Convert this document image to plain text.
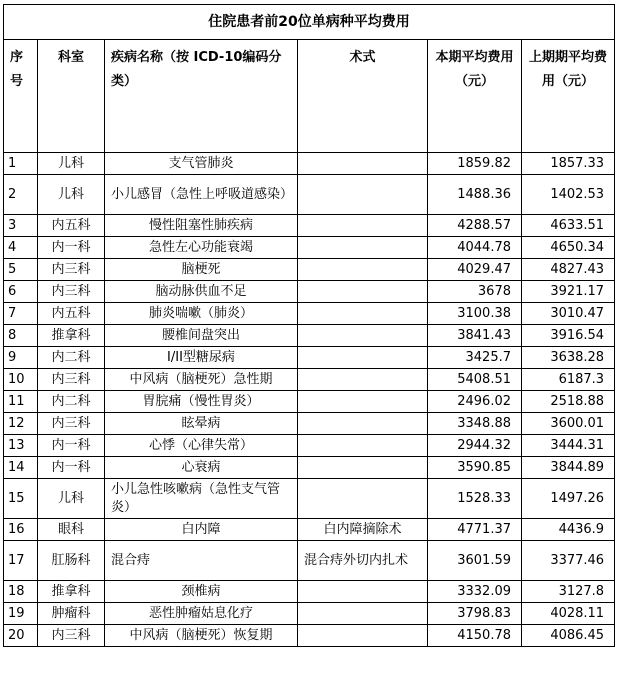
住院患者前20位单病种平均费用					
序号	科室	疾病名称（按 ICD-10编码分类）	术式	本期平均费用（元）	上期期平均费用（元）
1	儿科	支气管肺炎		1859.82	1857.33
2	儿科	小儿感冒（急性上呼吸道感染）		1488.36	1402.53
3	内五科	慢性阻塞性肺疾病		4288.57	4633.51
4	内一科	急性左心功能衰竭		4044.78	4650.34
5	内三科	脑梗死		4029.47	4827.43
6	内三科	脑动脉供血不足		3678	3921.17
7	内五科	肺炎喘嗽（肺炎）		3100.38	3010.47
8	推拿科	腰椎间盘突出		3841.43	3916.54
9	内二科	I/II型糖尿病		3425.7	3638.28
10	内三科	中风病（脑梗死）急性期		5408.51	6187.3
11	内二科	胃脘痛（慢性胃炎）		2496.02	2518.88
12	内三科	眩晕病		3348.88	3600.01
13	内一科	心悸（心律失常）		2944.32	3444.31
14	内一科	心衰病		3590.85	3844.89
15	儿科	小儿急性咳嗽病（急性支气管炎）		1528.33	1497.26
16	眼科	白内障	白内障摘除术	4771.37	4436.9
17	肛肠科	混合痔	混合痔外切内扎术	3601.59	3377.46
18	推拿科	颈椎病		3332.09	3127.8
19	肿瘤科	恶性肿瘤姑息化疗		3798.83	4028.11
20	内三科	中风病（脑梗死）恢复期		4150.78	4086.45
